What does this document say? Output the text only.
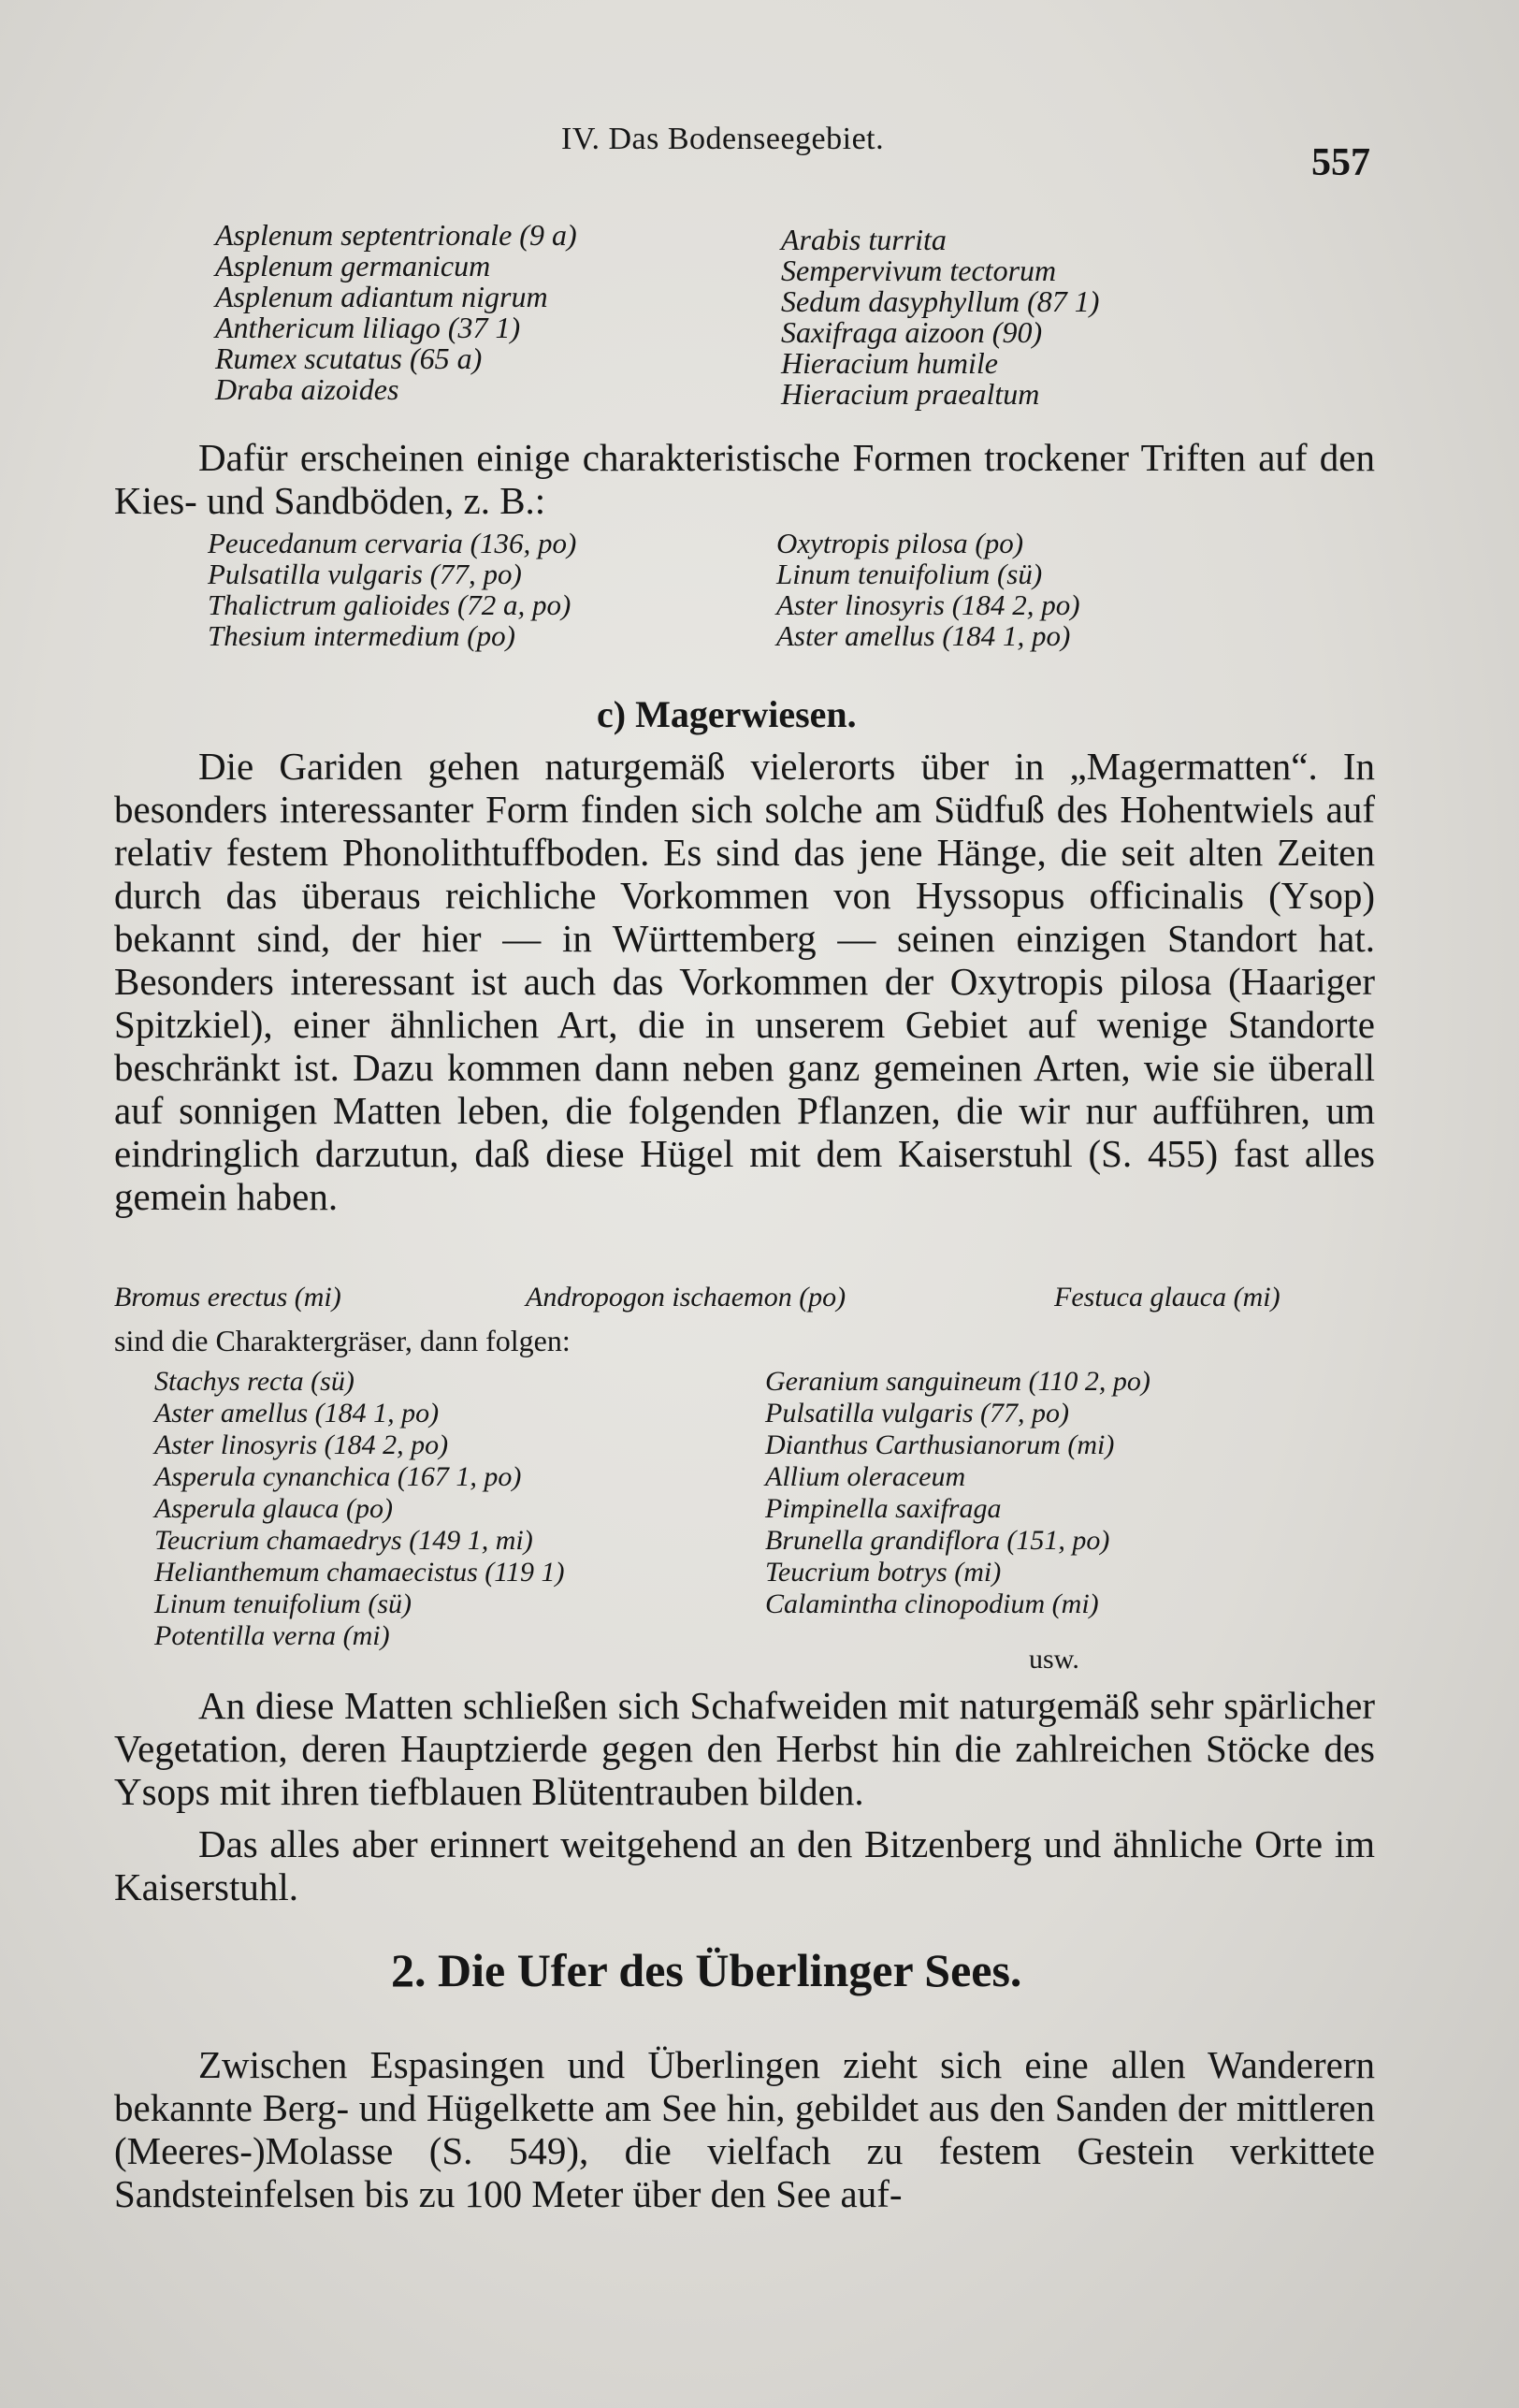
IV. Das Bodenseegebiet.
557
Asplenum septentrionale (9 a)
Asplenum germanicum
Asplenum adiantum nigrum
Anthericum liliago (37 1)
Rumex scutatus (65 a)
Draba aizoides
Arabis turrita
Sempervivum tectorum
Sedum dasyphyllum (87 1)
Saxifraga aizoon (90)
Hieracium humile
Hieracium praealtum

Dafür erscheinen einige charakteristische Formen trockener Triften auf den Kies- und Sandböden, z. B.:

Peucedanum cervaria (136, po)
Pulsatilla vulgaris (77, po)
Thalictrum galioides (72 a, po)
Thesium intermedium (po)
Oxytropis pilosa (po)
Linum tenuifolium (sü)
Aster linosyris (184 2, po)
Aster amellus (184 1, po)
c) Magerwiesen.

Die Gariden gehen naturgemäß vielerorts über in „Magermatten“. In besonders interessanter Form finden sich solche am Südfuß des Hohentwiels auf relativ festem Phonolithtuffboden. Es sind das jene Hänge, die seit alten Zeiten durch das überaus reichliche Vorkommen von Hyssopus officinalis (Ysop) bekannt sind, der hier — in Württemberg — seinen einzigen Standort hat. Besonders interessant ist auch das Vorkommen der Oxytropis pilosa (Haariger Spitzkiel), einer ähnlichen Art, die in unserem Gebiet auf wenige Standorte beschränkt ist. Dazu kommen dann neben ganz gemeinen Arten, wie sie überall auf sonnigen Matten leben, die folgenden Pflanzen, die wir nur aufführen, um eindringlich darzutun, daß diese Hügel mit dem Kaiserstuhl (S. 455) fast alles gemein haben.

Bromus erectus (mi)	Andropogon ischaemon (po)	Festuca glauca (mi)
sind die Charaktergräser, dann folgen:
Stachys recta (sü)
Aster amellus (184 1, po)
Aster linosyris (184 2, po)
Asperula cynanchica (167 1, po)
Asperula glauca (po)
Teucrium chamaedrys (149 1, mi)
Helianthemum chamaecistus (119 1)
Linum tenuifolium (sü)
Potentilla verna (mi)
Geranium sanguineum (110 2, po)
Pulsatilla vulgaris (77, po)
Dianthus Carthusianorum (mi)
Allium oleraceum
Pimpinella saxifraga
Brunella grandiflora (151, po)
Teucrium botrys (mi)
Calamintha clinopodium (mi)
usw.

An diese Matten schließen sich Schafweiden mit naturgemäß sehr spärlicher Vegetation, deren Hauptzierde gegen den Herbst hin die zahlreichen Stöcke des Ysops mit ihren tiefblauen Blütentrauben bilden.

Das alles aber erinnert weitgehend an den Bitzenberg und ähnliche Orte im Kaiserstuhl.

2. Die Ufer des Überlinger Sees.

Zwischen Espasingen und Überlingen zieht sich eine allen Wanderern bekannte Berg- und Hügelkette am See hin, gebildet aus den Sanden der mittleren (Meeres-)Molasse (S. 549), die vielfach zu festem Gestein verkittete Sandsteinfelsen bis zu 100 Meter über den See auf-
